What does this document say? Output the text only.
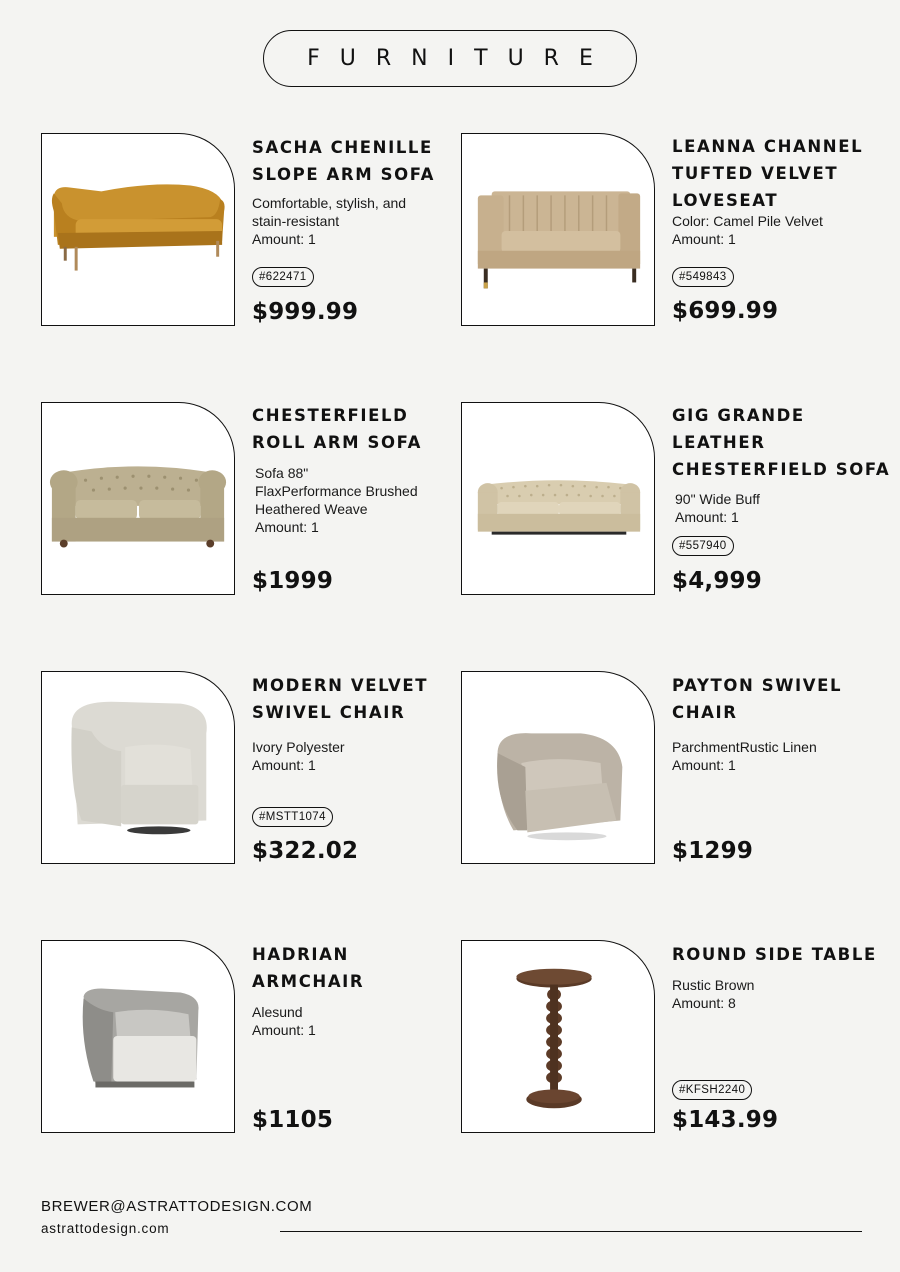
FURNITURE
SACHA CHENILLE
SLOPE ARM SOFA
Comfortable, stylish, and
stain-resistant
Amount: 1
#622471
$999.99
LEANNA CHANNEL
TUFTED VELVET
LOVESEAT
Color: Camel Pile Velvet
Amount: 1
#549843
$699.99
CHESTERFIELD
ROLL ARM SOFA
Sofa 88"
FlaxPerformance Brushed
Heathered Weave
Amount: 1
$1999
GIG GRANDE
LEATHER
CHESTERFIELD SOFA
90" Wide Buff
Amount: 1
#557940
$4,999
MODERN VELVET
SWIVEL CHAIR
Ivory Polyester
Amount: 1
#MSTT1074
$322.02
PAYTON SWIVEL
CHAIR
ParchmentRustic Linen
Amount: 1
$1299
HADRIAN
ARMCHAIR
Alesund
Amount: 1
$1105
ROUND SIDE TABLE
Rustic Brown
Amount: 8
#KFSH2240
$143.99
BREWER@ASTRATTODESIGN.COM
astrattodesign.com
